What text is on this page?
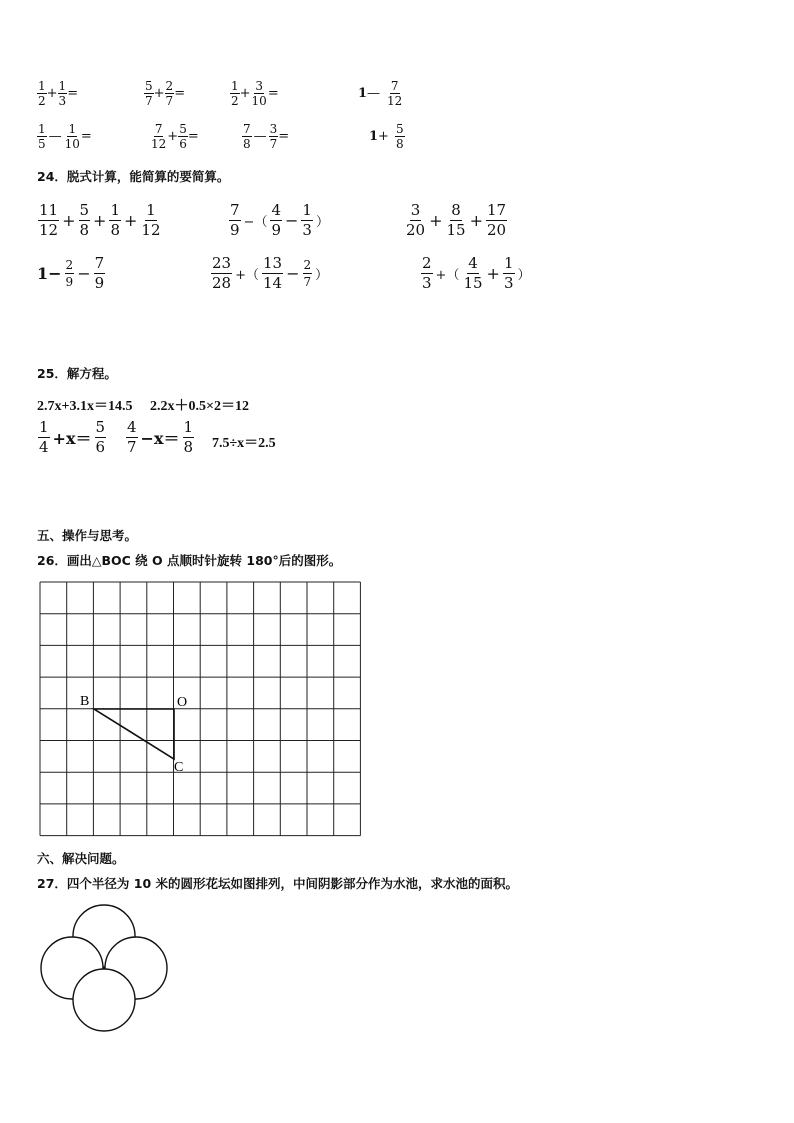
$\frac{1}{2} + \frac{1}{3}$ =	$\frac{5}{7} + \frac{2}{7}$ =	$\frac{1}{2} + \frac{3}{10}$ =	1 — $\frac{7}{12}$
$\frac{1}{5}$ — $\frac{1}{10}$ =	$\frac{7}{12} + \frac{5}{6}$ =	$\frac{7}{8}$ — $\frac{3}{7}$ =	$1 + \frac{5}{8}$
24．脱式计算，能简算的要简算。
$\frac{11}{12} + \frac{5}{8} + \frac{1}{8} + \frac{1}{12}$	$\frac{7}{9}$ −（ $\frac{4}{9} - \frac{1}{3}$ ）	$\frac{3}{20} + \frac{8}{15} + \frac{17}{20}$
$1- \frac{2}{9} - \frac{7}{9}$	$\frac{23}{28}$ +（ $\frac{13}{14} - \frac{2}{7}$ ）	$\frac{2}{3}$ +（ $\frac{4}{15} + \frac{1}{3}$ ）
25．解方程。
2.7x+3.1x＝14.5     2.2x＋0.5×2＝12
$\frac{1}{4} +x= \frac{5}{6} \frac{4}{7} -x= \frac{1}{8} 7.5\div x=2.5$
五、操作与思考。
26．画出△BOC 绕 O 点顺时针旋转 180°后的图形。
B	O
C
六、解决问题。
27．四个半径为 10 米的圆形花坛如图排列，中间阴影部分作为水池，求水池的面积。
